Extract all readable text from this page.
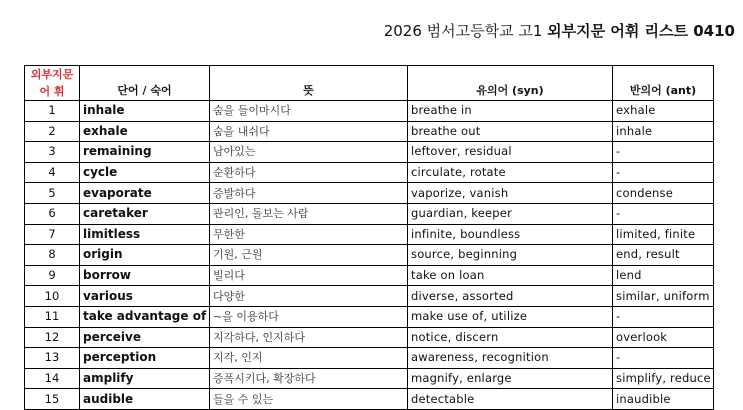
2026 범서고등학교 고1 외부지문 어휘 리스트 0410
외부지문
어 휘	단어 / 숙어	뜻	유의어 (syn)	반의어 (ant)
1	inhale	숨을 들이마시다	breathe in	exhale
2	exhale	숨을 내쉬다	breathe out	inhale
3	remaining	남아있는	leftover, residual	-
4	cycle	순환하다	circulate, rotate	-
5	evaporate	증발하다	vaporize, vanish	condense
6	caretaker	관리인, 돌보는 사람	guardian, keeper	-
7	limitless	무한한	infinite, boundless	limited, finite
8	origin	기원, 근원	source, beginning	end, result
9	borrow	빌리다	take on loan	lend
10	various	다양한	diverse, assorted	similar, uniform
11	take advantage of	~을 이용하다	make use of, utilize	-
12	perceive	지각하다, 인지하다	notice, discern	overlook
13	perception	지각, 인지	awareness, recognition	-
14	amplify	증폭시키다, 확장하다	magnify, enlarge	simplify, reduce
15	audible	들을 수 있는	detectable	inaudible
